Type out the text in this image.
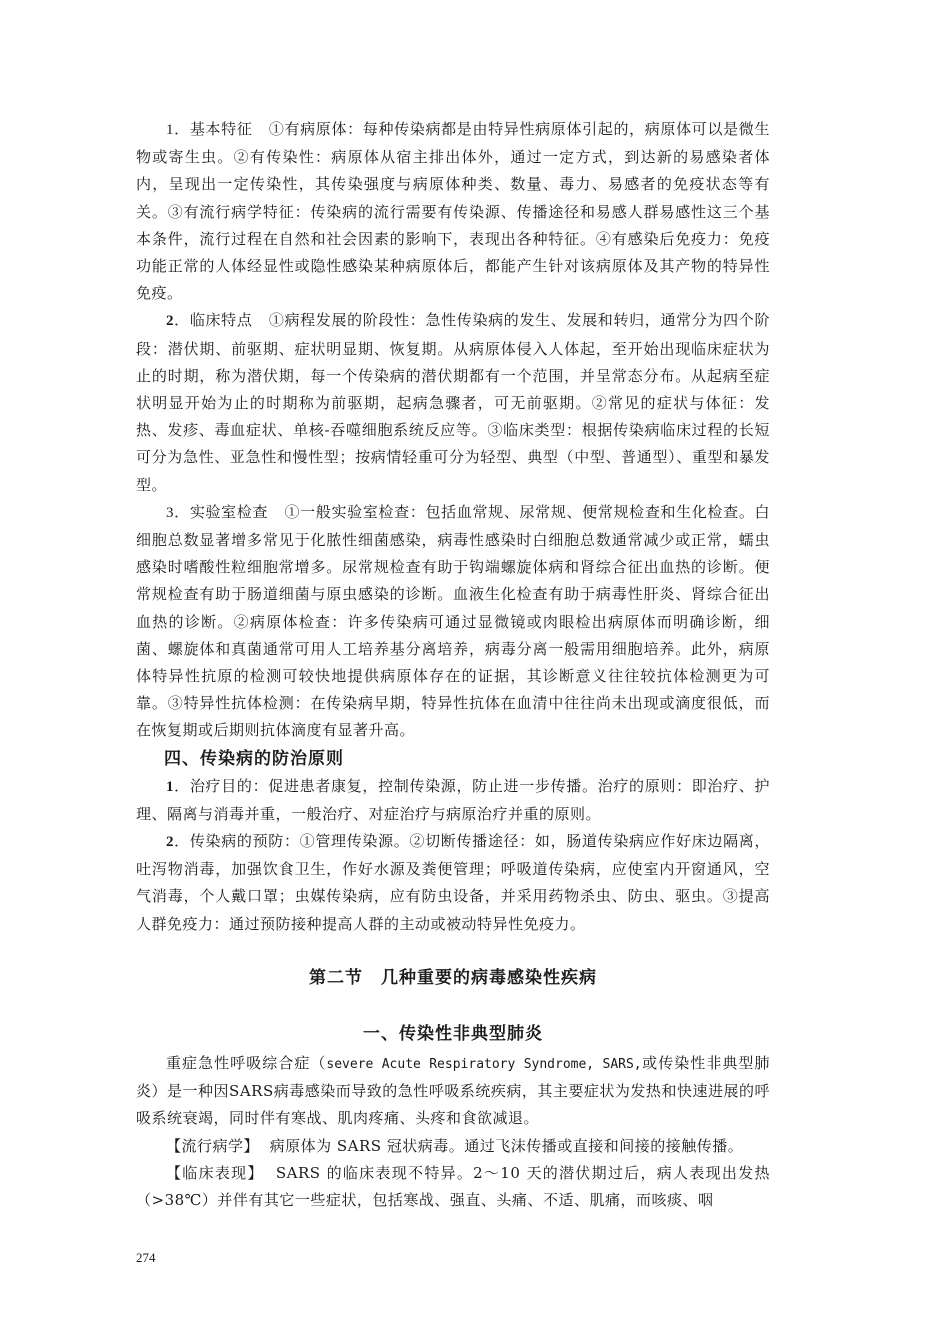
1．基本特征 ①有病原体：每种传染病都是由特异性病原体引起的，病原体可以是微生物或寄生虫。②有传染性：病原体从宿主排出体外，通过一定方式，到达新的易感染者体内，呈现出一定传染性，其传染强度与病原体种类、数量、毒力、易感者的免疫状态等有关。③有流行病学特征：传染病的流行需要有传染源、传播途径和易感人群易感性这三个基本条件，流行过程在自然和社会因素的影响下，表现出各种特征。④有感染后免疫力：免疫功能正常的人体经显性或隐性感染某种病原体后，都能产生针对该病原体及其产物的特异性免疫。

2．临床特点 ①病程发展的阶段性：急性传染病的发生、发展和转归，通常分为四个阶段：潜伏期、前驱期、症状明显期、恢复期。从病原体侵入人体起，至开始出现临床症状为止的时期，称为潜伏期，每一个传染病的潜伏期都有一个范围，并呈常态分布。从起病至症状明显开始为止的时期称为前驱期，起病急骤者，可无前驱期。②常见的症状与体征：发热、发疹、毒血症状、单核-吞噬细胞系统反应等。③临床类型：根据传染病临床过程的长短可分为急性、亚急性和慢性型；按病情轻重可分为轻型、典型（中型、普通型）、重型和暴发型。

3．实验室检查 ①一般实验室检查：包括血常规、尿常规、便常规检查和生化检查。白细胞总数显著增多常见于化脓性细菌感染，病毒性感染时白细胞总数通常减少或正常，蠕虫感染时嗜酸性粒细胞常增多。尿常规检查有助于钩端螺旋体病和肾综合征出血热的诊断。便常规检查有助于肠道细菌与原虫感染的诊断。血液生化检查有助于病毒性肝炎、肾综合征出血热的诊断。②病原体检查：许多传染病可通过显微镜或肉眼检出病原体而明确诊断，细菌、螺旋体和真菌通常可用人工培养基分离培养，病毒分离一般需用细胞培养。此外，病原体特异性抗原的检测可较快地提供病原体存在的证据，其诊断意义往往较抗体检测更为可靠。③特异性抗体检测：在传染病早期，特异性抗体在血清中往往尚未出现或滴度很低，而在恢复期或后期则抗体滴度有显著升高。

四、传染病的防治原则

1．治疗目的：促进患者康复，控制传染源，防止进一步传播。治疗的原则：即治疗、护理、隔离与消毒并重，一般治疗、对症治疗与病原治疗并重的原则。

2．传染病的预防：①管理传染源。②切断传播途径：如，肠道传染病应作好床边隔离，吐泻物消毒，加强饮食卫生，作好水源及粪便管理；呼吸道传染病，应使室内开窗通风，空气消毒，个人戴口罩；虫媒传染病，应有防虫设备，并采用药物杀虫、防虫、驱虫。③提高人群免疫力：通过预防接种提高人群的主动或被动特异性免疫力。

第二节　几种重要的病毒感染性疾病
一、传染性非典型肺炎

重症急性呼吸综合症（severe Acute Respiratory Syndrome, SARS,或传染性非典型肺炎）是一种因SARS病毒感染而导致的急性呼吸系统疾病，其主要症状为发热和快速进展的呼吸系统衰竭，同时伴有寒战、肌肉疼痛、头疼和食欲减退。

【流行病学】 病原体为 SARS 冠状病毒。通过飞沫传播或直接和间接的接触传播。

【临床表现】 SARS 的临床表现不特异。2～10 天的潜伏期过后，病人表现出发热（>38℃）并伴有其它一些症状，包括寒战、强直、头痛、不适、肌痛，而咳痰、咽

274
